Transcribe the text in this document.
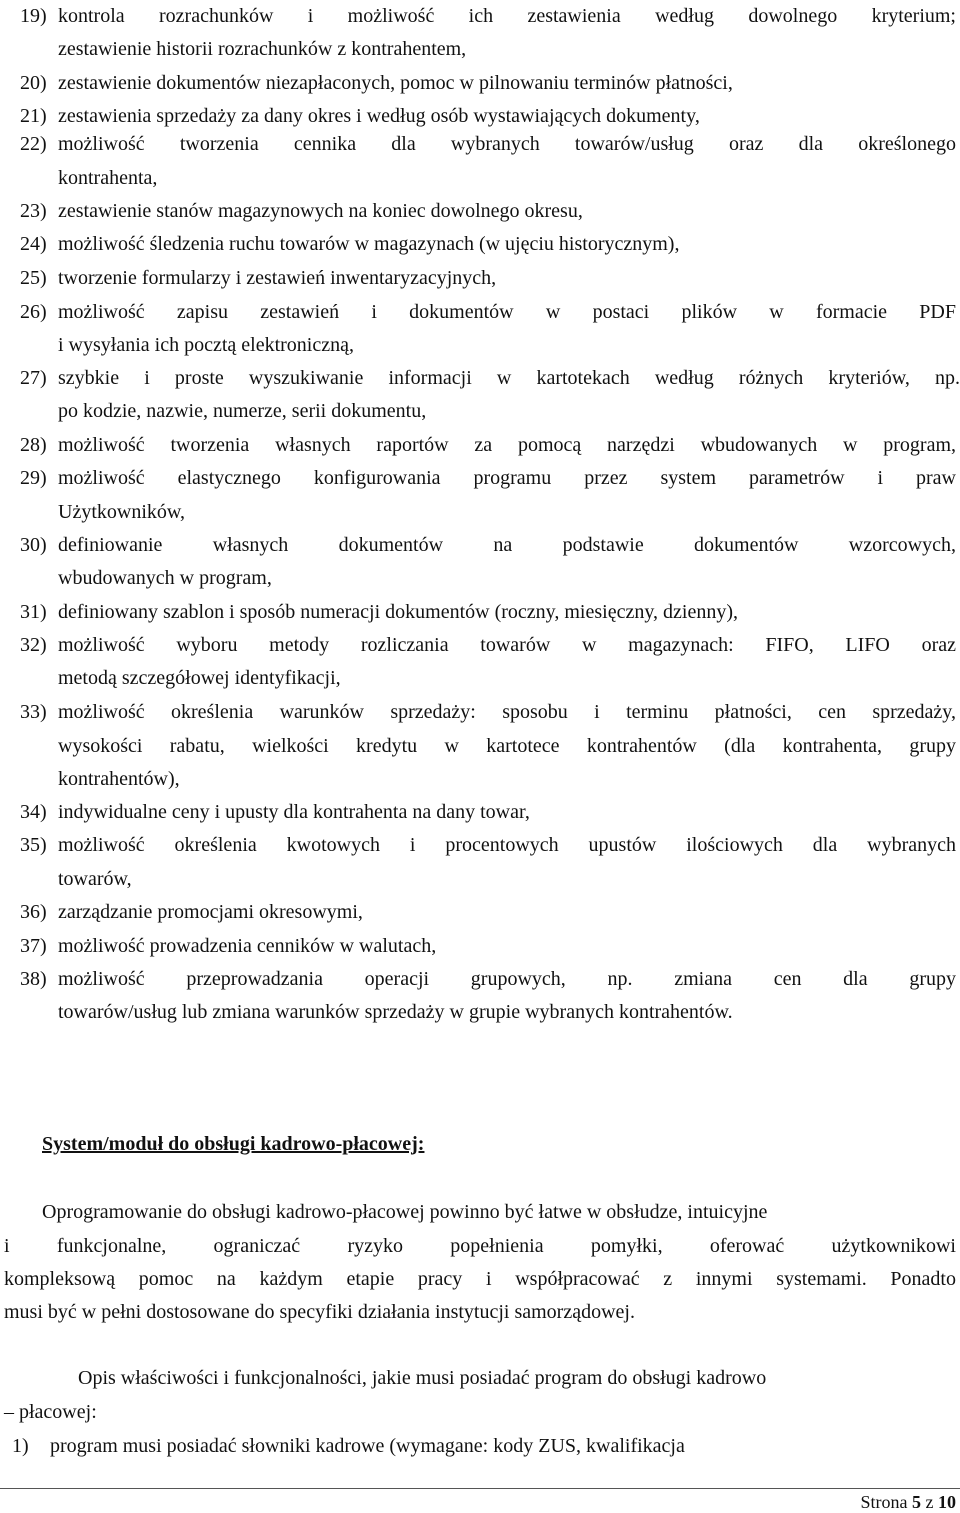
19) kontrola rozrachunków i możliwość ich zestawienia według dowolnego kryterium;
zestawienie historii rozrachunków z kontrahentem,
20) zestawienie dokumentów niezapłaconych, pomoc w pilnowaniu terminów płatności,
21) zestawienia sprzedaży za dany okres i według osób wystawiających dokumenty,
22) możliwość tworzenia cennika dla wybranych towarów/usług oraz dla określonego
kontrahenta,
23) zestawienie stanów magazynowych na koniec dowolnego okresu,
24) możliwość śledzenia ruchu towarów w magazynach (w ujęciu historycznym),
25) tworzenie formularzy i zestawień inwentaryzacyjnych,
26) możliwość zapisu zestawień i dokumentów w postaci plików w formacie PDF
i wysyłania ich pocztą elektroniczną,
27) szybkie i proste wyszukiwanie informacji w kartotekach według różnych kryteriów, np.
po kodzie, nazwie, numerze, serii dokumentu,
28) możliwość tworzenia własnych raportów za pomocą narzędzi wbudowanych w program,
29) możliwość elastycznego konfigurowania programu przez system parametrów i praw
Użytkowników,
30) definiowanie własnych dokumentów na podstawie dokumentów wzorcowych,
wbudowanych w program,
31) definiowany szablon i sposób numeracji dokumentów (roczny, miesięczny, dzienny),
32) możliwość wyboru metody rozliczania towarów w magazynach: FIFO, LIFO oraz
metodą szczegółowej identyfikacji,
33) możliwość określenia warunków sprzedaży: sposobu i terminu płatności, cen sprzedaży,
wysokości rabatu, wielkości kredytu w kartotece kontrahentów (dla kontrahenta, grupy
kontrahentów),
34) indywidualne ceny i upusty dla kontrahenta na dany towar,
35) możliwość określenia kwotowych i procentowych upustów ilościowych dla wybranych
towarów,
36) zarządzanie promocjami okresowymi,
37) możliwość prowadzenia cenników w walutach,
38) możliwość przeprowadzania operacji grupowych, np. zmiana cen dla grupy
towarów/usług lub zmiana warunków sprzedaży w grupie wybranych kontrahentów.
System/moduł do obsługi kadrowo-płacowej:
Oprogramowanie do obsługi kadrowo-płacowej powinno być łatwe w obsłudze, intuicyjne
i funkcjonalne, ograniczać ryzyko popełnienia pomyłki, oferować użytkownikowi
kompleksową pomoc na każdym etapie pracy i współpracować z innymi systemami. Ponadto
musi być w pełni dostosowane do specyfiki działania instytucji samorządowej.
Opis właściwości i funkcjonalności, jakie musi posiadać program do obsługi kadrowo
– płacowej:
1) program musi posiadać słowniki kadrowe (wymagane: kody ZUS, kwalifikacja
Strona 5 z 10
